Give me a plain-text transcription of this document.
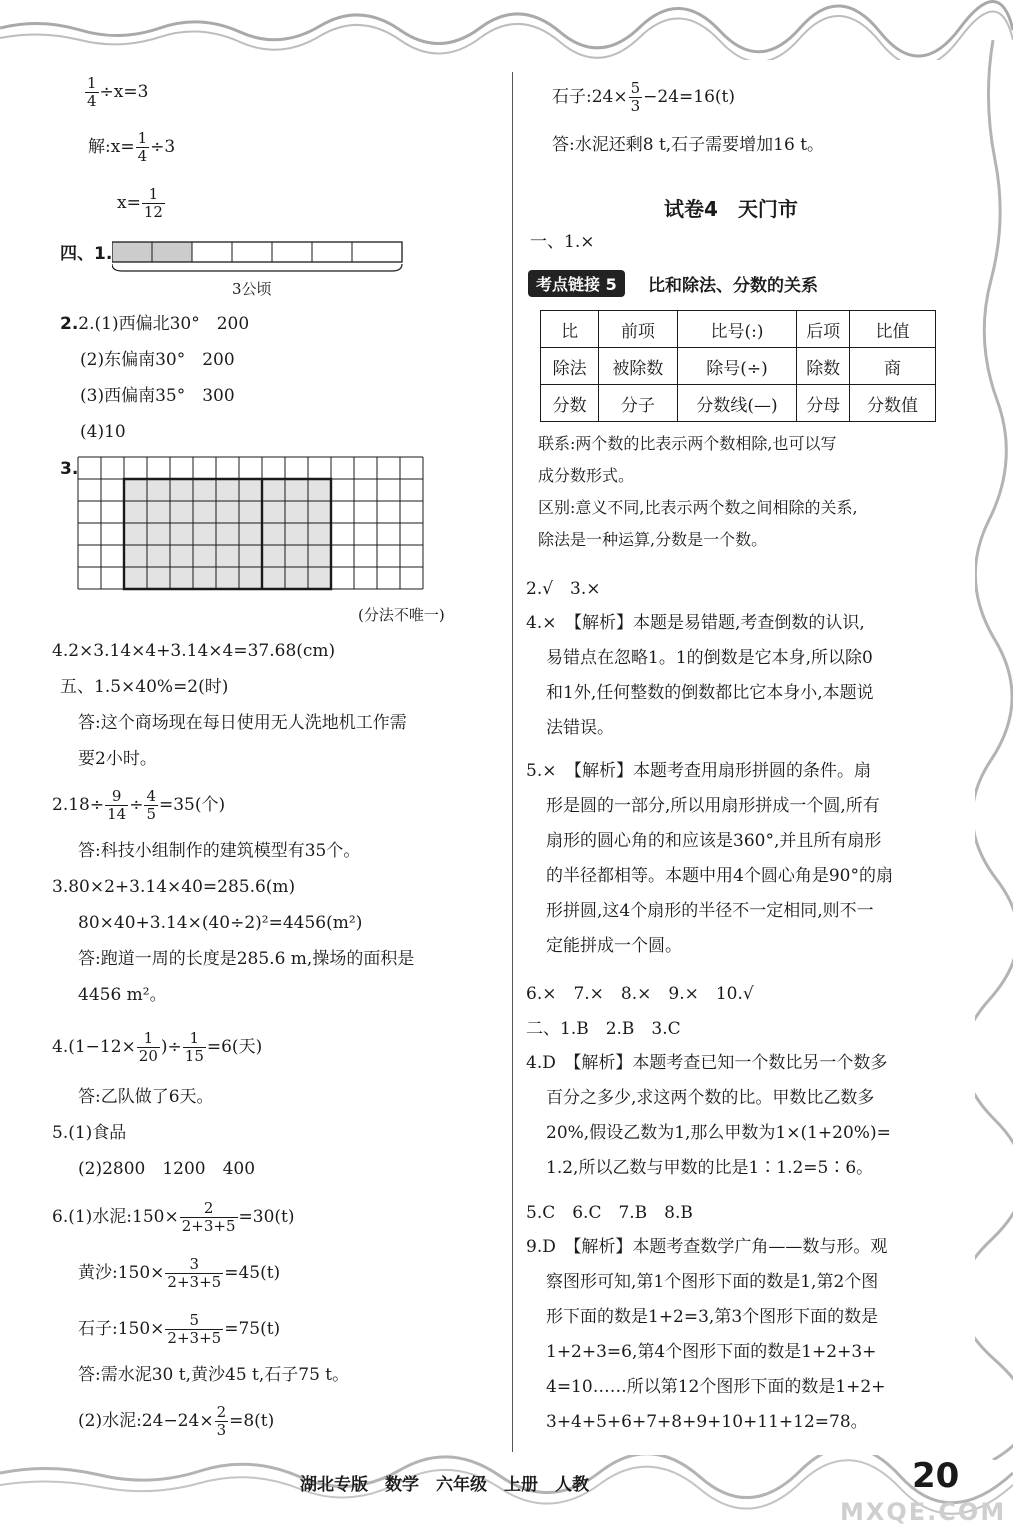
$\frac{1}{4} \div x=3$
解:x= $\frac{1}{4} \div 3$
$x= \frac{1}{12}$
四、1.
3公顷
2.2.(1)西偏北30°　200
(2)东偏南30°　200
(3)西偏南35°　300
(4)10
3.
(分法不唯一)
4.2×3.14×4+3.14×4=37.68(cm)
五、1.5×40%=2(时)
答:这个商场现在每日使用无人洗地机工作需
要2小时。
$2.18\div \frac{9}{14} \div \frac{4}{5} =35$(个)
答:科技小组制作的建筑模型有35个。
3.80×2+3.14×40=285.6(m)
80×40+3.14×(40÷2)²=4456(m²)
答:跑道一周的长度是285.6 m,操场的面积是
4456 m²。
$4.(1-12\times \frac{1}{20}$ )÷ $\frac{1}{15} =6$(天)
答:乙队做了6天。
5.(1)食品
(2)2800　1200　400
6.(1)水泥:150× $\frac{2}{2+3+5} =30(t)$
黄沙:150× $\frac{3}{2+3+5} =45(t)$
石子:150× $\frac{5}{2+3+5} =75(t)$
答:需水泥30 t,黄沙45 t,石子75 t。
(2)水泥:24−24× $\frac{2}{3} =8(t)$
石子:24× $\frac{5}{3} -24=16(t)$
答:水泥还剩8 t,石子需要增加16 t。
试卷4　天门市
一、1.×
考点链接 5	比和除法、分数的关系
比	前项	比号(:)	后项	比值
除法	被除数	除号(÷)	除数	商
分数	分子	分数线(—)	分母	分数值
联系:两个数的比表示两个数相除,也可以写
成分数形式。
区别:意义不同,比表示两个数之间相除的关系,
除法是一种运算,分数是一个数。
2.√　3.×
4.×　【解析】本题是易错题,考查倒数的认识,
易错点在忽略1。1的倒数是它本身,所以除0
和1外,任何整数的倒数都比它本身小,本题说
法错误。
5.×　【解析】本题考查用扇形拼圆的条件。扇
形是圆的一部分,所以用扇形拼成一个圆,所有
扇形的圆心角的和应该是360°,并且所有扇形
的半径都相等。本题中用4个圆心角是90°的扇
形拼圆,这4个扇形的半径不一定相同,则不一
定能拼成一个圆。
6.×　7.×　8.×　9.×　10.√
二、1.B　2.B　3.C
4.D　【解析】本题考查已知一个数比另一个数多
百分之多少,求这两个数的比。甲数比乙数多
20%,假设乙数为1,那么甲数为1×(1+20%)=
1.2,所以乙数与甲数的比是1∶1.2=5∶6。
5.C　6.C　7.B　8.B
9.D　【解析】本题考查数学广角——数与形。观
察图形可知,第1个图形下面的数是1,第2个图
形下面的数是1+2=3,第3个图形下面的数是
1+2+3=6,第4个图形下面的数是1+2+3+
4=10……所以第12个图形下面的数是1+2+
3+4+5+6+7+8+9+10+11+12=78。
湖北专版　数学　六年级　上册　人教	20
MXQE.COM
